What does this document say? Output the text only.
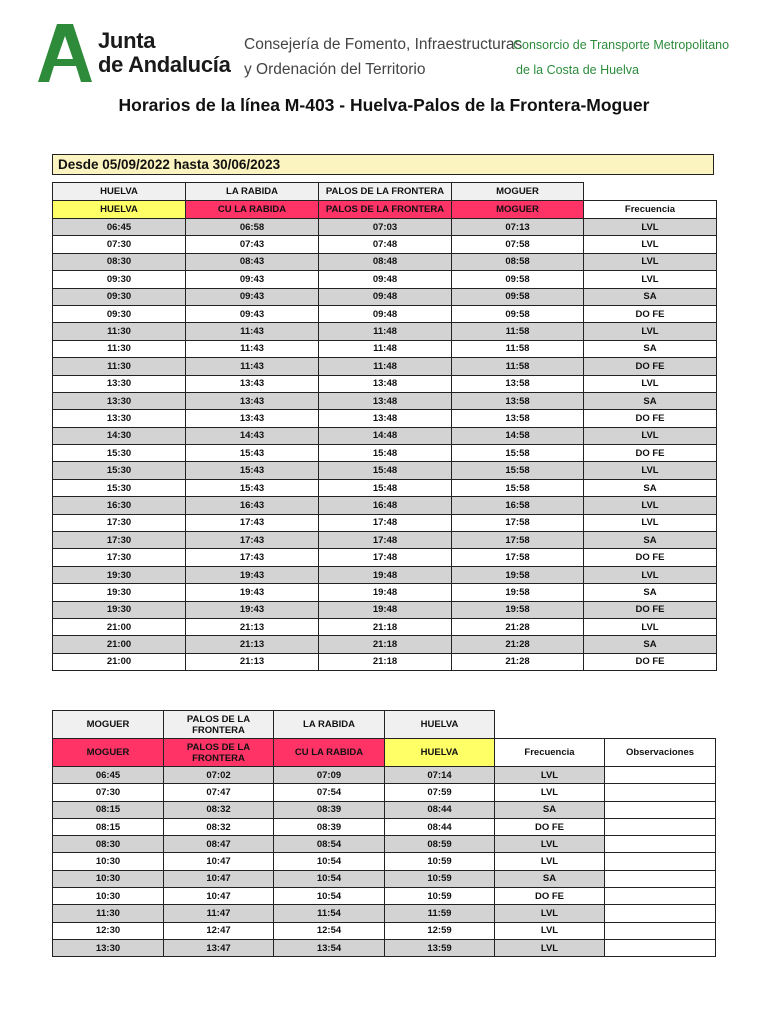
Junta
de Andalucía
Consejería de Fomento, Infraestructuras
y Ordenación del Territorio
Consorcio de Transporte Metropolitano
de la Costa de Huelva
Horarios de la línea M-403 - Huelva-Palos de la Frontera-Moguer
Desde 05/09/2022 hasta 30/06/2023
HUELVA	LA RABIDA	PALOS DE LA FRONTERA	MOGUER	
HUELVA	CU LA RABIDA	PALOS DE LA FRONTERA	MOGUER	Frecuencia
06:45	06:58	07:03	07:13	LVL
07:30	07:43	07:48	07:58	LVL
08:30	08:43	08:48	08:58	LVL
09:30	09:43	09:48	09:58	LVL
09:30	09:43	09:48	09:58	SA
09:30	09:43	09:48	09:58	DO FE
11:30	11:43	11:48	11:58	LVL
11:30	11:43	11:48	11:58	SA
11:30	11:43	11:48	11:58	DO FE
13:30	13:43	13:48	13:58	LVL
13:30	13:43	13:48	13:58	SA
13:30	13:43	13:48	13:58	DO FE
14:30	14:43	14:48	14:58	LVL
15:30	15:43	15:48	15:58	DO FE
15:30	15:43	15:48	15:58	LVL
15:30	15:43	15:48	15:58	SA
16:30	16:43	16:48	16:58	LVL
17:30	17:43	17:48	17:58	LVL
17:30	17:43	17:48	17:58	SA
17:30	17:43	17:48	17:58	DO FE
19:30	19:43	19:48	19:58	LVL
19:30	19:43	19:48	19:58	SA
19:30	19:43	19:48	19:58	DO FE
21:00	21:13	21:18	21:28	LVL
21:00	21:13	21:18	21:28	SA
21:00	21:13	21:18	21:28	DO FE
MOGUER	PALOS DE LA FRONTERA	LA RABIDA	HUELVA		
MOGUER	PALOS DE LA FRONTERA	CU LA RABIDA	HUELVA	Frecuencia	Observaciones
06:45	07:02	07:09	07:14	LVL	
07:30	07:47	07:54	07:59	LVL	
08:15	08:32	08:39	08:44	SA	
08:15	08:32	08:39	08:44	DO FE	
08:30	08:47	08:54	08:59	LVL	
10:30	10:47	10:54	10:59	LVL	
10:30	10:47	10:54	10:59	SA	
10:30	10:47	10:54	10:59	DO FE	
11:30	11:47	11:54	11:59	LVL	
12:30	12:47	12:54	12:59	LVL	
13:30	13:47	13:54	13:59	LVL	
